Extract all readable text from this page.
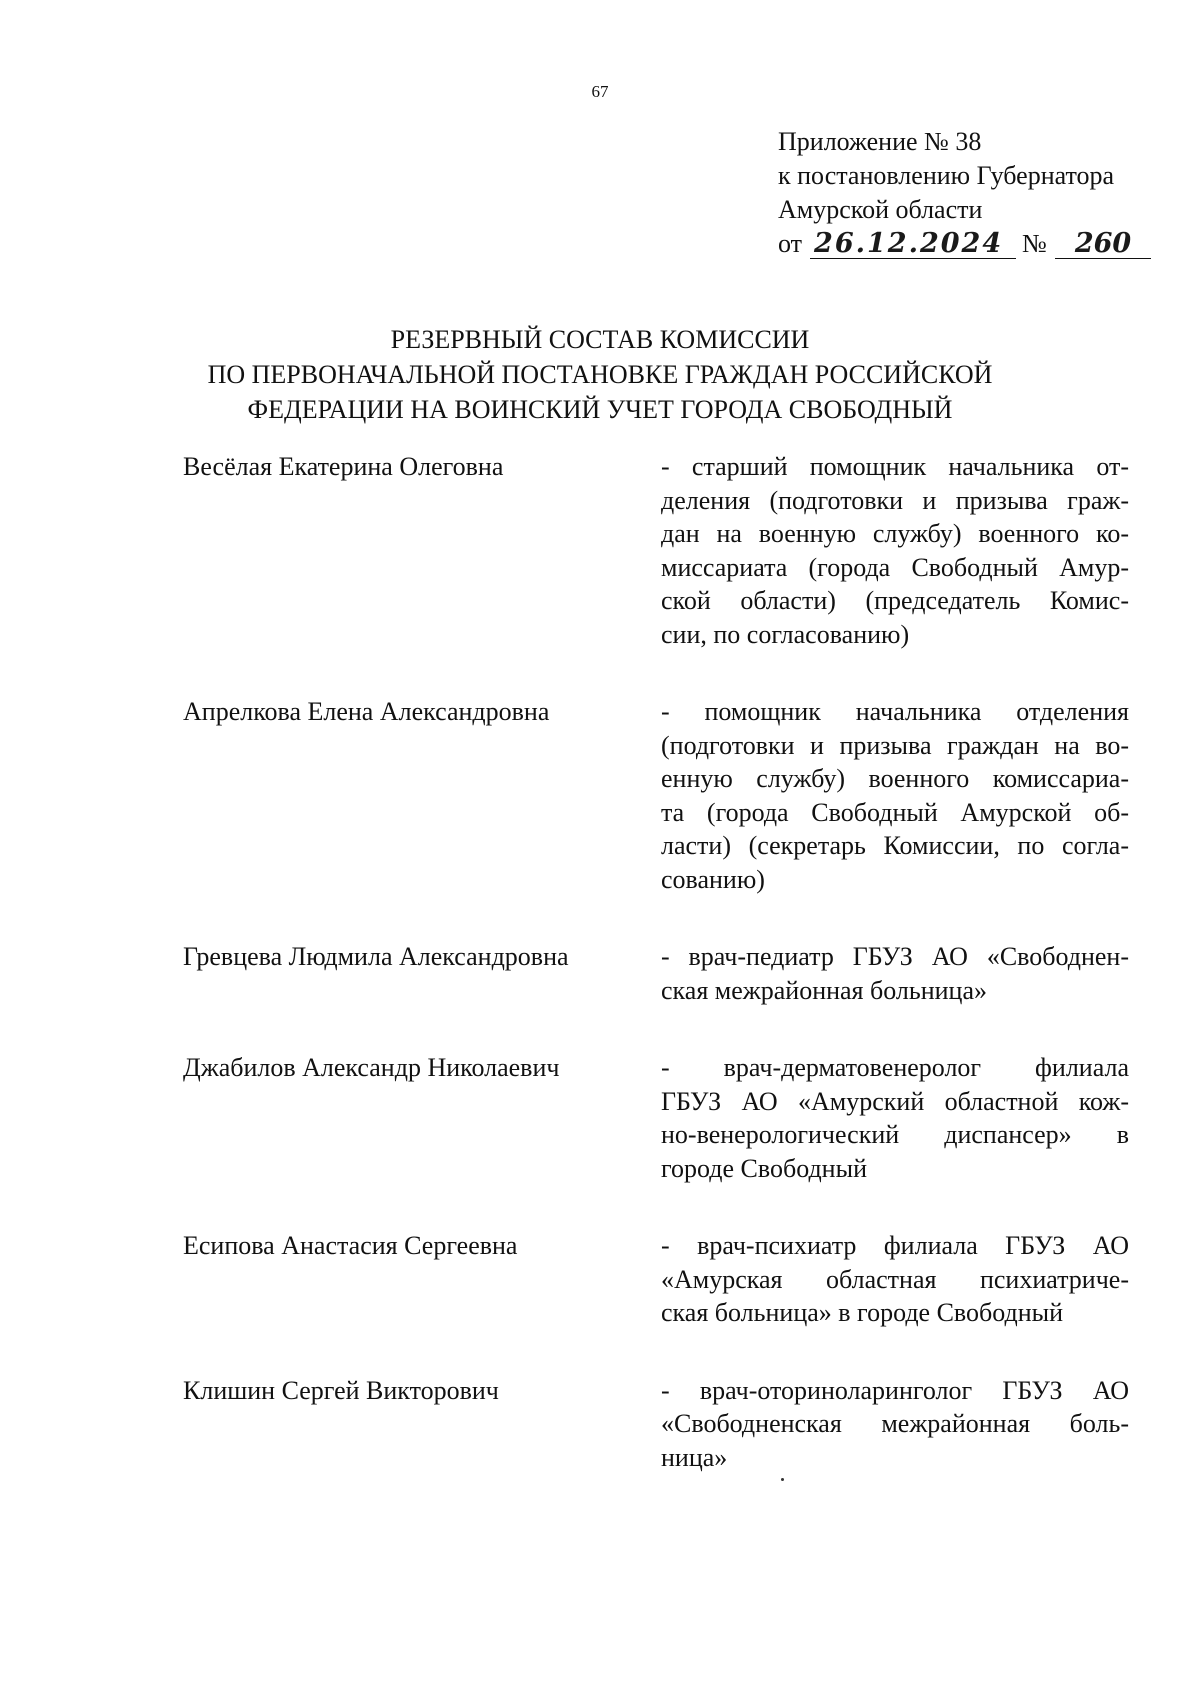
67
Приложение № 38
к постановлению Губернатора
Амурской области
от 26.12.2024 №	260
РЕЗЕРВНЫЙ СОСТАВ КОМИССИИ
ПО ПЕРВОНАЧАЛЬНОЙ ПОСТАНОВКЕ ГРАЖДАН РОССИЙСКОЙ
ФЕДЕРАЦИИ НА ВОИНСКИЙ УЧЕТ ГОРОДА СВОБОДНЫЙ
Весёлая Екатерина Олеговна	- старший помощник начальника от-
деления (подготовки и призыва граж-
дан на военную службу) военного ко-
миссариата (города Свободный Амур-
ской области) (председатель Комис-
сии, по согласованию)
Апрелкова Елена Александровна	- помощник начальника отделения
(подготовки и призыва граждан на во-
енную службу) военного комиссариа-
та (города Свободный Амурской об-
ласти) (секретарь Комиссии, по согла-
сованию)
Гревцева Людмила Александровна	- врач-педиатр ГБУЗ АО «Свободнен-
ская межрайонная больница»
Джабилов Александр Николаевич	- врач-дерматовенеролог филиала
ГБУЗ АО «Амурский областной кож-
но-венерологический диспансер» в
городе Свободный
Есипова Анастасия Сергеевна	- врач-психиатр филиала ГБУЗ АО
«Амурская областная психиатриче-
ская больница» в городе Свободный
Клишин Сергей Викторович	- врач-оториноларинголог ГБУЗ АО
«Свободненская межрайонная боль-
ница»
